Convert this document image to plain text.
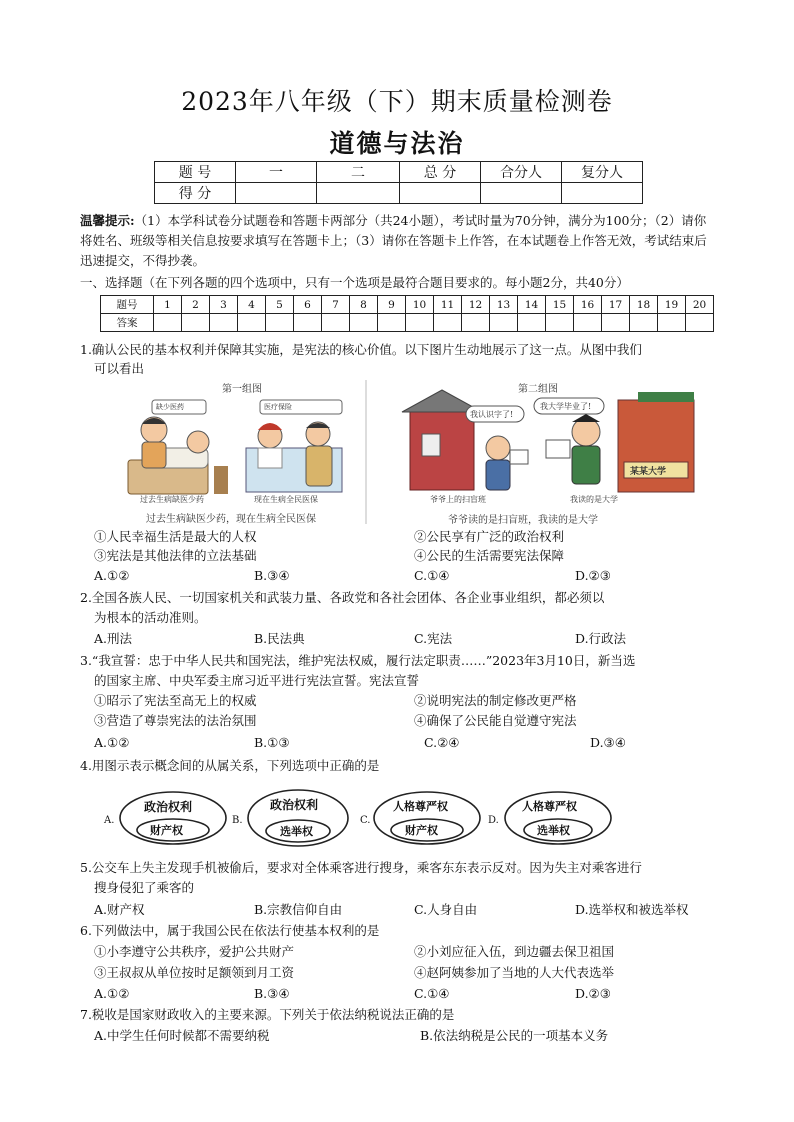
2023年八年级（下）期末质量检测卷
道德与法治
题 号	一	二	总 分	合分人	复分人
得 分					
温馨提示:（1）本学科试卷分试题卷和答题卡两部分（共24小题），考试时量为70分钟，满分为100分；（2）请你将姓名、班级等相关信息按要求填写在答题卡上；（3）请你在答题卡上作答，在本试题卷上作答无效，考试结束后迅速提交，不得抄袭。
一、选择题（在下列各题的四个选项中，只有一个选项是最符合题目要求的。每小题2分，共40分）
题号	1	2	3	4	5	6	7	8	9	10	11	12	13	14	15	16	17	18	19	20
答案																				
1.确认公民的基本权利并保障其实施，是宪法的核心价值。以下图片生动地展示了这一点。从图中我们
可以看出
第一组图	第二组图
缺少医药	医疗保险
我认识字了!
我大学毕业了!
某某大学
过去生病缺医少药	现在生病全民医保	爷爷上的扫盲班	我读的是大学
过去生病缺医少药，现在生病全民医保	爷爷读的是扫盲班，我读的是大学
①人民幸福生活是最大的人权	②公民享有广泛的政治权利
③宪法是其他法律的立法基础	④公民的生活需要宪法保障
A.①②	B.③④	C.①④	D.②③
2.全国各族人民、一切国家机关和武装力量、各政党和各社会团体、各企业事业组织，都必须以
为根本的活动准则。
A.刑法	B.民法典	C.宪法	D.行政法
3.“我宣誓：忠于中华人民共和国宪法，维护宪法权威，履行法定职责……”2023年3月10日，新当选
的国家主席、中央军委主席习近平进行宪法宣誓。宪法宣誓
①昭示了宪法至高无上的权威	②说明宪法的制定修改更严格
③营造了尊崇宪法的法治氛围	④确保了公民能自觉遵守宪法
A.①②	B.①③	C.②④	D.③④
4.用图示表示概念间的从属关系，下列选项中正确的是
A.
政治权利
财产权
B.
政治权利
选举权
C.
人格尊严权
财产权
D.
人格尊严权
选举权
5.公交车上失主发现手机被偷后，要求对全体乘客进行搜身，乘客东东表示反对。因为失主对乘客进行
搜身侵犯了乘客的
A.财产权	B.宗教信仰自由	C.人身自由	D.选举权和被选举权
6.下列做法中，属于我国公民在依法行使基本权利的是
①小李遵守公共秩序，爱护公共财产	②小刘应征入伍，到边疆去保卫祖国
③王叔叔从单位按时足额领到月工资	④赵阿姨参加了当地的人大代表选举
A.①②	B.③④	C.①④	D.②③
7.税收是国家财政收入的主要来源。下列关于依法纳税说法正确的是
A.中学生任何时候都不需要纳税	B.依法纳税是公民的一项基本义务
